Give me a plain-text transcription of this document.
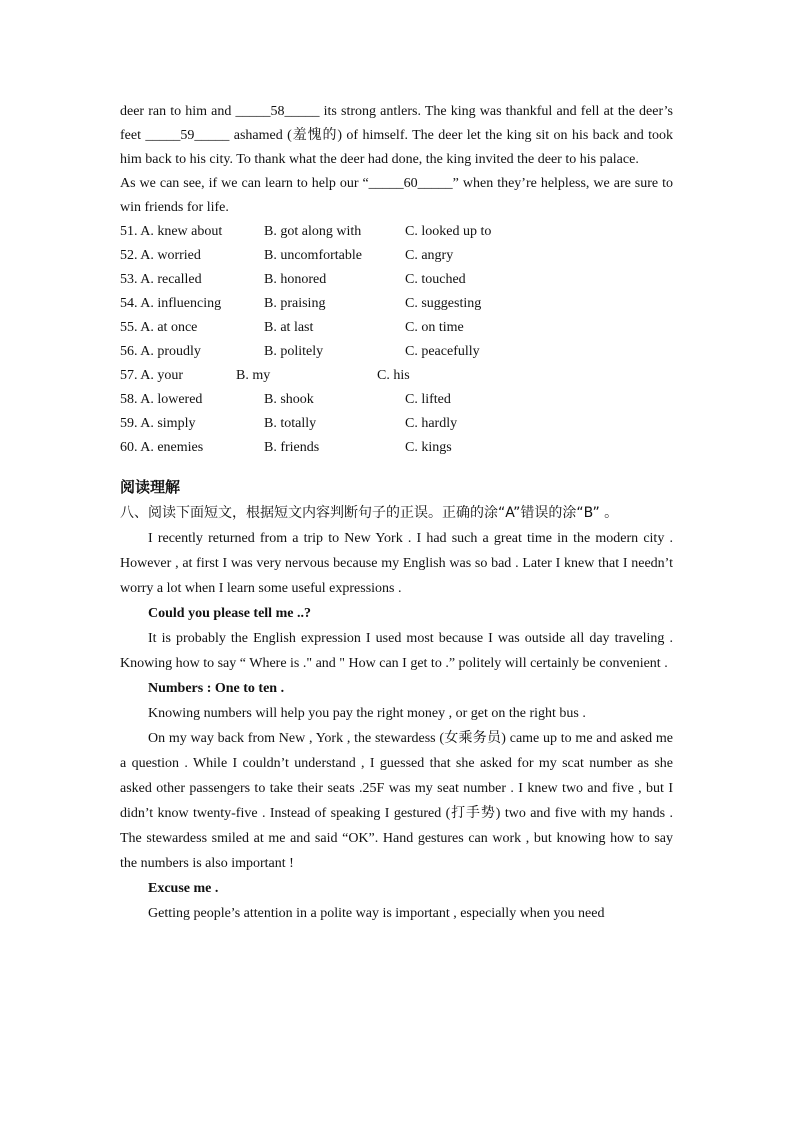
deer ran to him and _____58_____ its strong antlers. The king was thankful and fell at the deer’s feet _____59_____ ashamed (羞愧的) of himself. The deer let the king sit on his back and took him back to his city. To thank what the deer had done, the king invited the deer to his palace.

As we can see, if we can learn to help our “_____60_____” when they’re helpless, we are sure to win friends for life.

51. A. knew about	B. got along with	C. looked up to
52. A. worried	B. uncomfortable	C. angry
53. A. recalled	B. honored	C. touched
54. A. influencing	B. praising	C. suggesting
55. A. at once	B. at last	C. on time
56. A. proudly	B. politely	C. peacefully
57. A. your	B. my	C. his
58. A. lowered	B. shook	C. lifted
59. A. simply	B. totally	C. hardly
60. A. enemies	B. friends	C. kings
阅读理解
八、阅读下面短文，根据短文内容判断句子的正误。正确的涂“A”错误的涂“B” 。

I recently returned from a trip to New York . I had such a great time in the modern city . However , at first I was very nervous because my English was so bad . Later I knew that I needn’t worry a lot when I learn some useful expressions .

Could you please tell me ..?

It is probably the English expression I used most because I was outside all day traveling . Knowing how to say “ Where is ." and " How can I get to .” politely will certainly be convenient .

Numbers : One to ten .

Knowing numbers will help you pay the right money , or get on the right bus .

On my way back from New , York , the stewardess (女乘务员) came up to me and asked me a question . While I couldn’t understand , I guessed that she asked for my scat number as she asked other passengers to take their seats .25F was my seat number . I knew two and five , but I didn’t know twenty-five . Instead of speaking I gestured (打手势) two and five with my hands . The stewardess smiled at me and said “OK”. Hand gestures can work , but knowing how to say the numbers is also important !

Excuse me .

Getting people’s attention in a polite way is important , especially when you need
